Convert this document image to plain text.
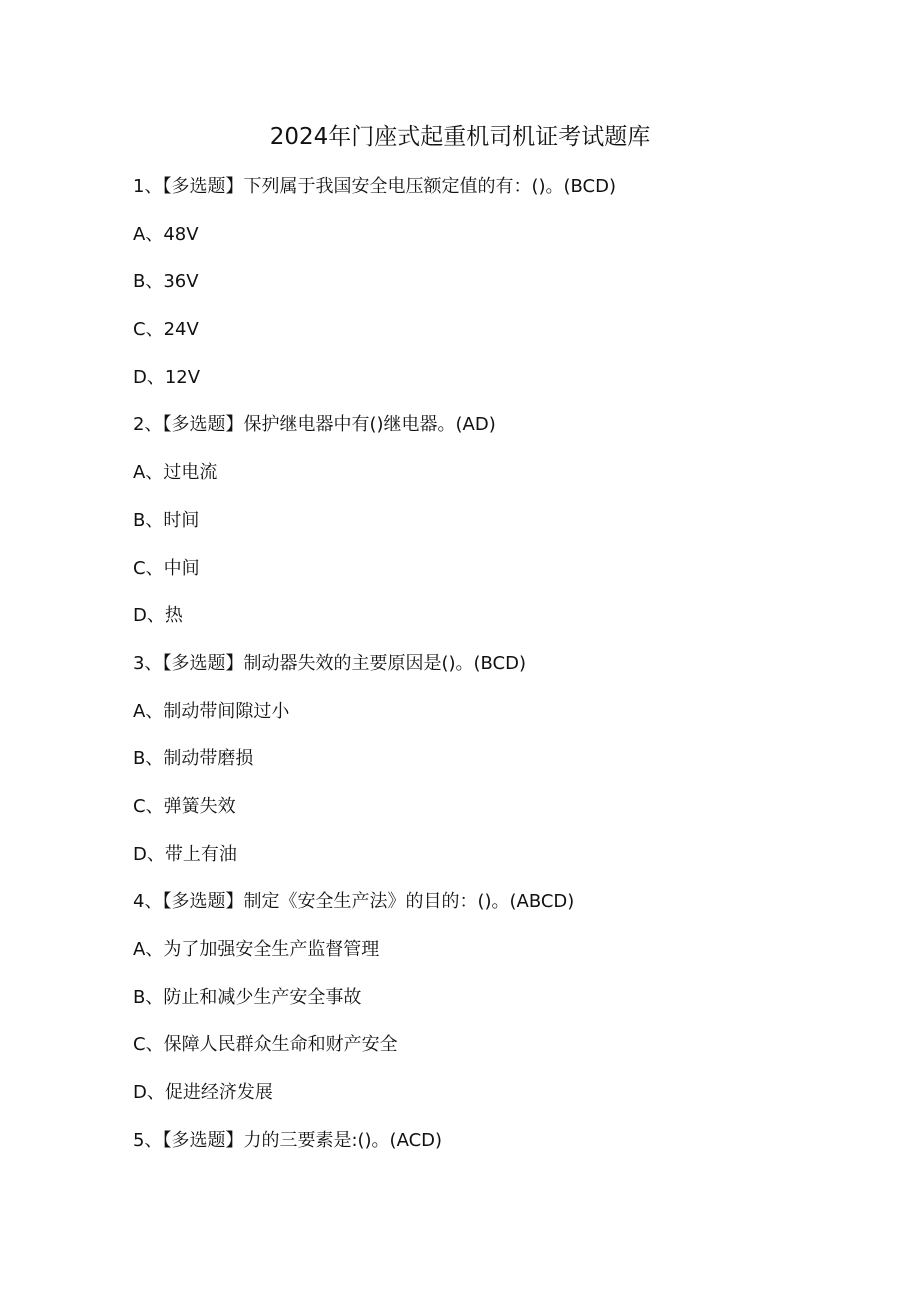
2024年门座式起重机司机证考试题库
1、【多选题】下列属于我国安全电压额定值的有：()。(BCD)
A、48V
B、36V
C、24V
D、12V
2、【多选题】保护继电器中有()继电器。(AD)
A、过电流
B、时间
C、中间
D、热
3、【多选题】制动器失效的主要原因是()。(BCD)
A、制动带间隙过小
B、制动带磨损
C、弹簧失效
D、带上有油
4、【多选题】制定《安全生产法》的目的：()。(ABCD)
A、为了加强安全生产监督管理
B、防止和减少生产安全事故
C、保障人民群众生命和财产安全
D、促进经济发展
5、【多选题】力的三要素是:()。(ACD)
